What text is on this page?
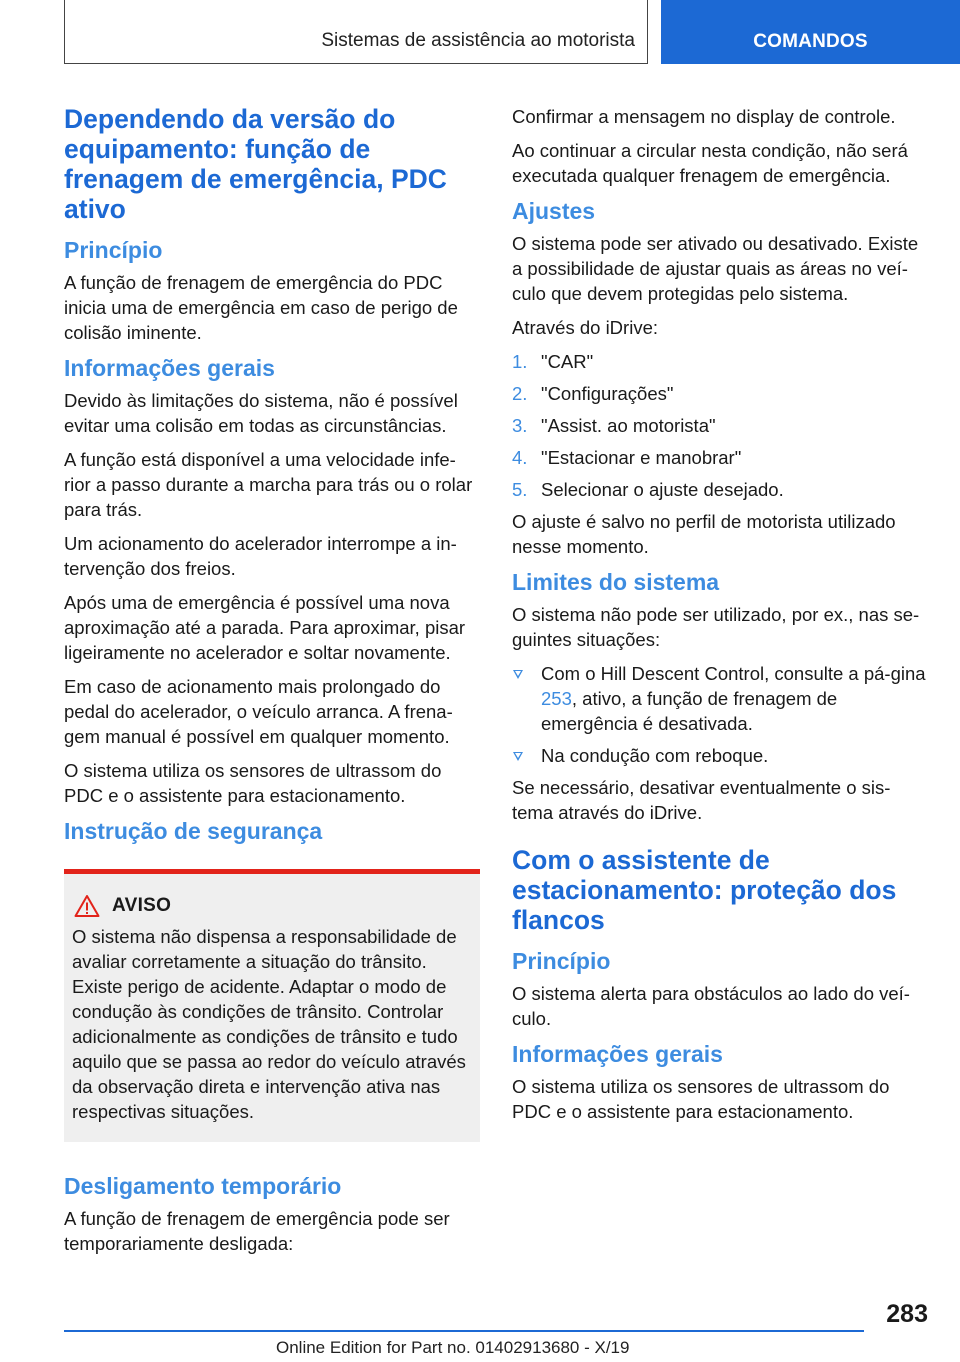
Sistemas de assistência ao motorista	COMANDOS
Dependendo da versão do equipamento: função de frenagem de emergência, PDC ativo
Princípio

A função de frenagem de emergência do PDC inicia uma de emergência em caso de perigo de colisão iminente.

Informações gerais

Devido às limitações do sistema, não é possível evitar uma colisão em todas as circunstâncias.

A função está disponível a uma velocidade infe‐rior a passo durante a marcha para trás ou o rolar para trás.

Um acionamento do acelerador interrompe a in‐tervenção dos freios.

Após uma de emergência é possível uma nova aproximação até a parada. Para aproximar, pisar ligeiramente no acelerador e soltar novamente.

Em caso de acionamento mais prolongado do pedal do acelerador, o veículo arranca. A frena‐gem manual é possível em qualquer momento.

O sistema utiliza os sensores de ultrassom do PDC e o assistente para estacionamento.

Instrução de segurança
AVISO

O sistema não dispensa a responsabilidade de avaliar corretamente a situação do trânsito. Existe perigo de acidente. Adaptar o modo de condução às condições de trânsito. Controlar adicionalmente as condições de trânsito e tudo aquilo que se passa ao redor do veículo através da observação direta e intervenção ativa nas respectivas situações.

Desligamento temporário

A função de frenagem de emergência pode ser temporariamente desligada:

Confirmar a mensagem no display de controle.

Ao continuar a circular nesta condição, não será executada qualquer frenagem de emergência.

Ajustes

O sistema pode ser ativado ou desativado. Existe a possibilidade de ajustar quais as áreas no veí‐culo que devem protegidas pelo sistema.

Através do iDrive:

1. "CAR"
2. "Configurações"
3. "Assist. ao motorista"
4. "Estacionar e manobrar"
5. Selecionar o ajuste desejado.

O ajuste é salvo no perfil de motorista utilizado nesse momento.

Limites do sistema

O sistema não pode ser utilizado, por ex., nas se‐guintes situações:

Com o Hill Descent Control, consulte a pá‐gina 253, ativo, a função de frenagem de emergência é desativada.
Na condução com reboque.

Se necessário, desativar eventualmente o sis‐tema através do iDrive.

Com o assistente de estacionamento: proteção dos flancos
Princípio

O sistema alerta para obstáculos ao lado do veí‐culo.

Informações gerais

O sistema utiliza os sensores de ultrassom do PDC e o assistente para estacionamento.

283
Online Edition for Part no. 01402913680 - X/19
